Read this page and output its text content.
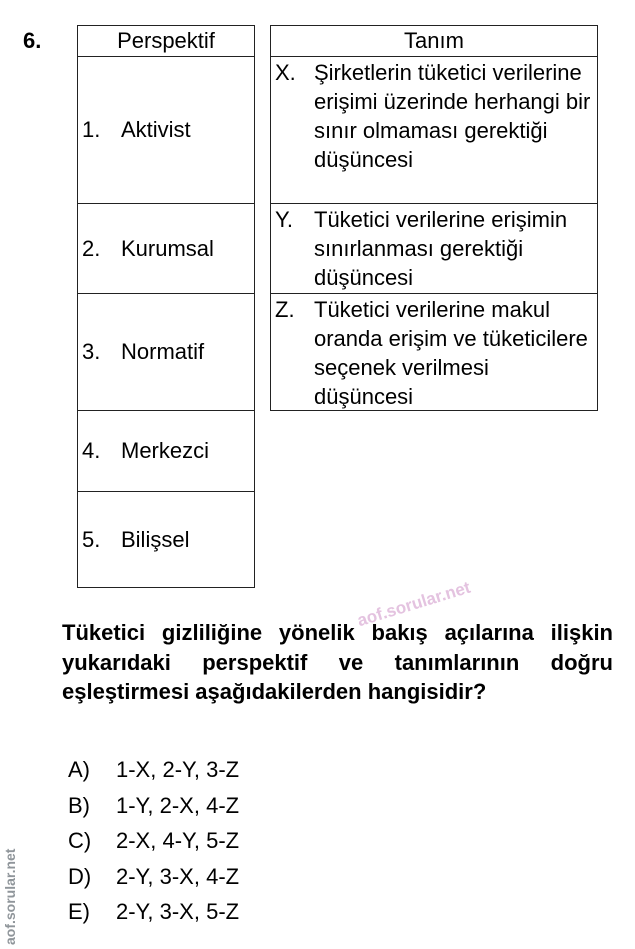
6.	Perspektif
1. Aktivist
2. Kurumsal
3. Normatif
4. Merkezci
5. Bilişsel
Tanım
X. Şirketlerin tüketici verilerine erişimi üzerinde herhangi bir sınır olmaması gerektiği düşüncesi
Y. Tüketici verilerine erişimin sınırlanması gerektiği düşüncesi
Z. Tüketici verilerine makul oranda erişim ve tüketicilere seçenek verilmesi düşüncesi
aof.sorular.net
Tüketici gizliliğine yönelik bakış açılarına ilişkin yukarıdaki perspektif ve tanımlarının doğru eşleştirmesi aşağıdakilerden hangisidir?
A)	1-X, 2-Y, 3-Z
B)	1-Y, 2-X, 4-Z
C)	2-X, 4-Y, 5-Z
D)	2-Y, 3-X, 4-Z
E)	2-Y, 3-X, 5-Z
aof.sorular.net
